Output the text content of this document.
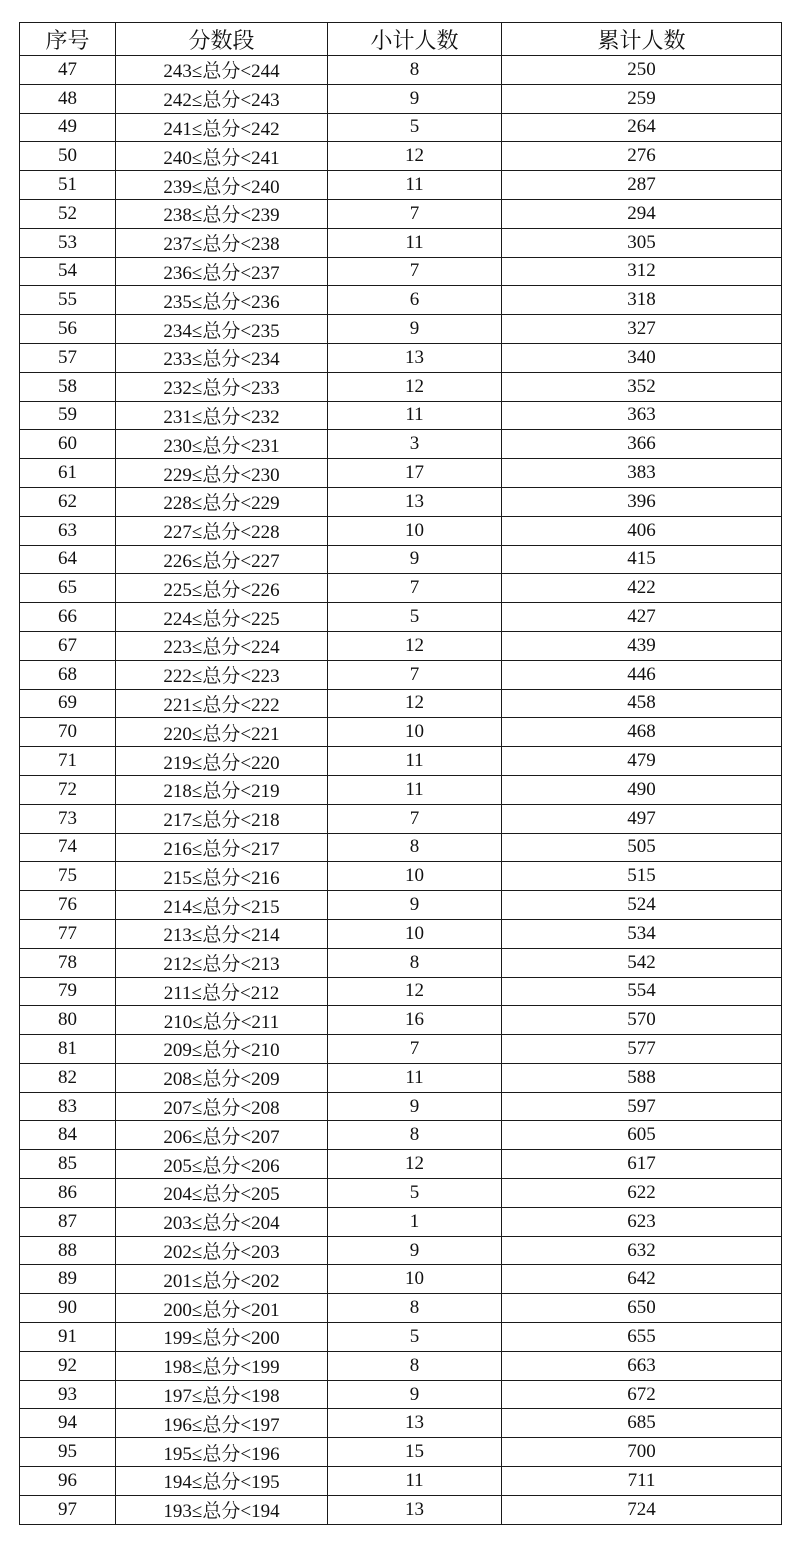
序号	分数段	小计人数	累计人数
47	243≤总分<244	8	250
48	242≤总分<243	9	259
49	241≤总分<242	5	264
50	240≤总分<241	12	276
51	239≤总分<240	11	287
52	238≤总分<239	7	294
53	237≤总分<238	11	305
54	236≤总分<237	7	312
55	235≤总分<236	6	318
56	234≤总分<235	9	327
57	233≤总分<234	13	340
58	232≤总分<233	12	352
59	231≤总分<232	11	363
60	230≤总分<231	3	366
61	229≤总分<230	17	383
62	228≤总分<229	13	396
63	227≤总分<228	10	406
64	226≤总分<227	9	415
65	225≤总分<226	7	422
66	224≤总分<225	5	427
67	223≤总分<224	12	439
68	222≤总分<223	7	446
69	221≤总分<222	12	458
70	220≤总分<221	10	468
71	219≤总分<220	11	479
72	218≤总分<219	11	490
73	217≤总分<218	7	497
74	216≤总分<217	8	505
75	215≤总分<216	10	515
76	214≤总分<215	9	524
77	213≤总分<214	10	534
78	212≤总分<213	8	542
79	211≤总分<212	12	554
80	210≤总分<211	16	570
81	209≤总分<210	7	577
82	208≤总分<209	11	588
83	207≤总分<208	9	597
84	206≤总分<207	8	605
85	205≤总分<206	12	617
86	204≤总分<205	5	622
87	203≤总分<204	1	623
88	202≤总分<203	9	632
89	201≤总分<202	10	642
90	200≤总分<201	8	650
91	199≤总分<200	5	655
92	198≤总分<199	8	663
93	197≤总分<198	9	672
94	196≤总分<197	13	685
95	195≤总分<196	15	700
96	194≤总分<195	11	711
97	193≤总分<194	13	724
